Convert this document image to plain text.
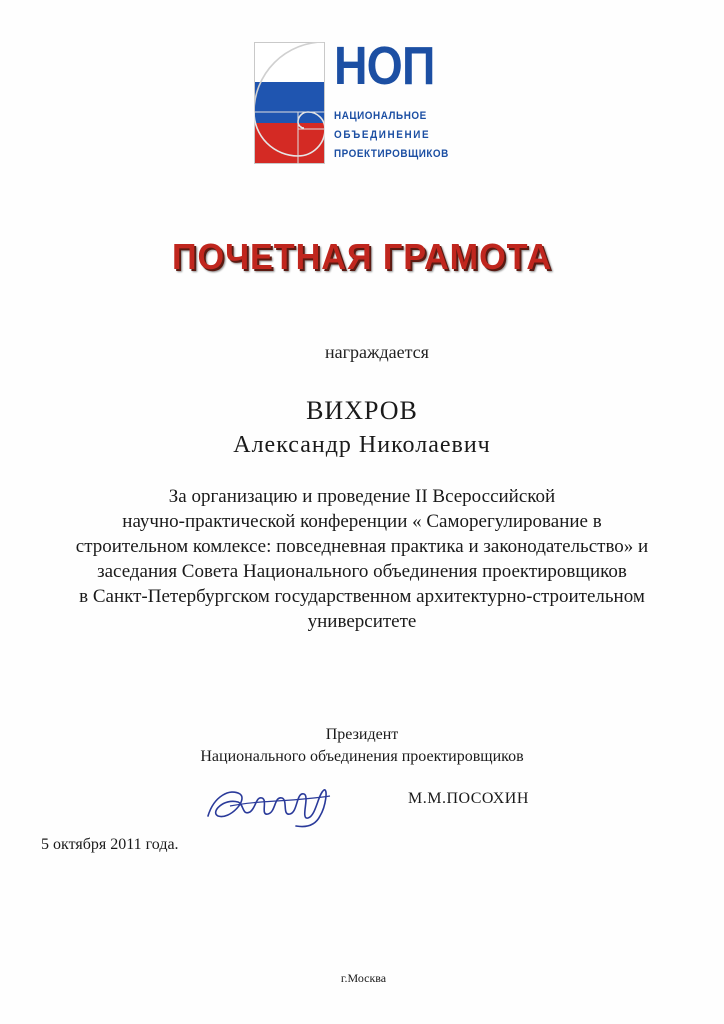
НОП
НАЦИОНАЛЬНОЕ
ОБЪЕДИНЕНИЕ
ПРОЕКТИРОВЩИКОВ
ПОЧЕТНАЯ ГРАМОТА
награждается
ВИХРОВ
Александр Николаевич
За организацию и проведение II Всероссийской
научно-практической конференции « Саморегулирование в
строительном комлексе: повседневная практика и законодательство» и
заседания Совета Национального объединения проектировщиков
в Санкт-Петербургском государственном архитектурно-строительном
университете
Президент
Национального объединения проектировщиков
М.М.ПОСОХИН
5 октября 2011 года.
г.Москва
